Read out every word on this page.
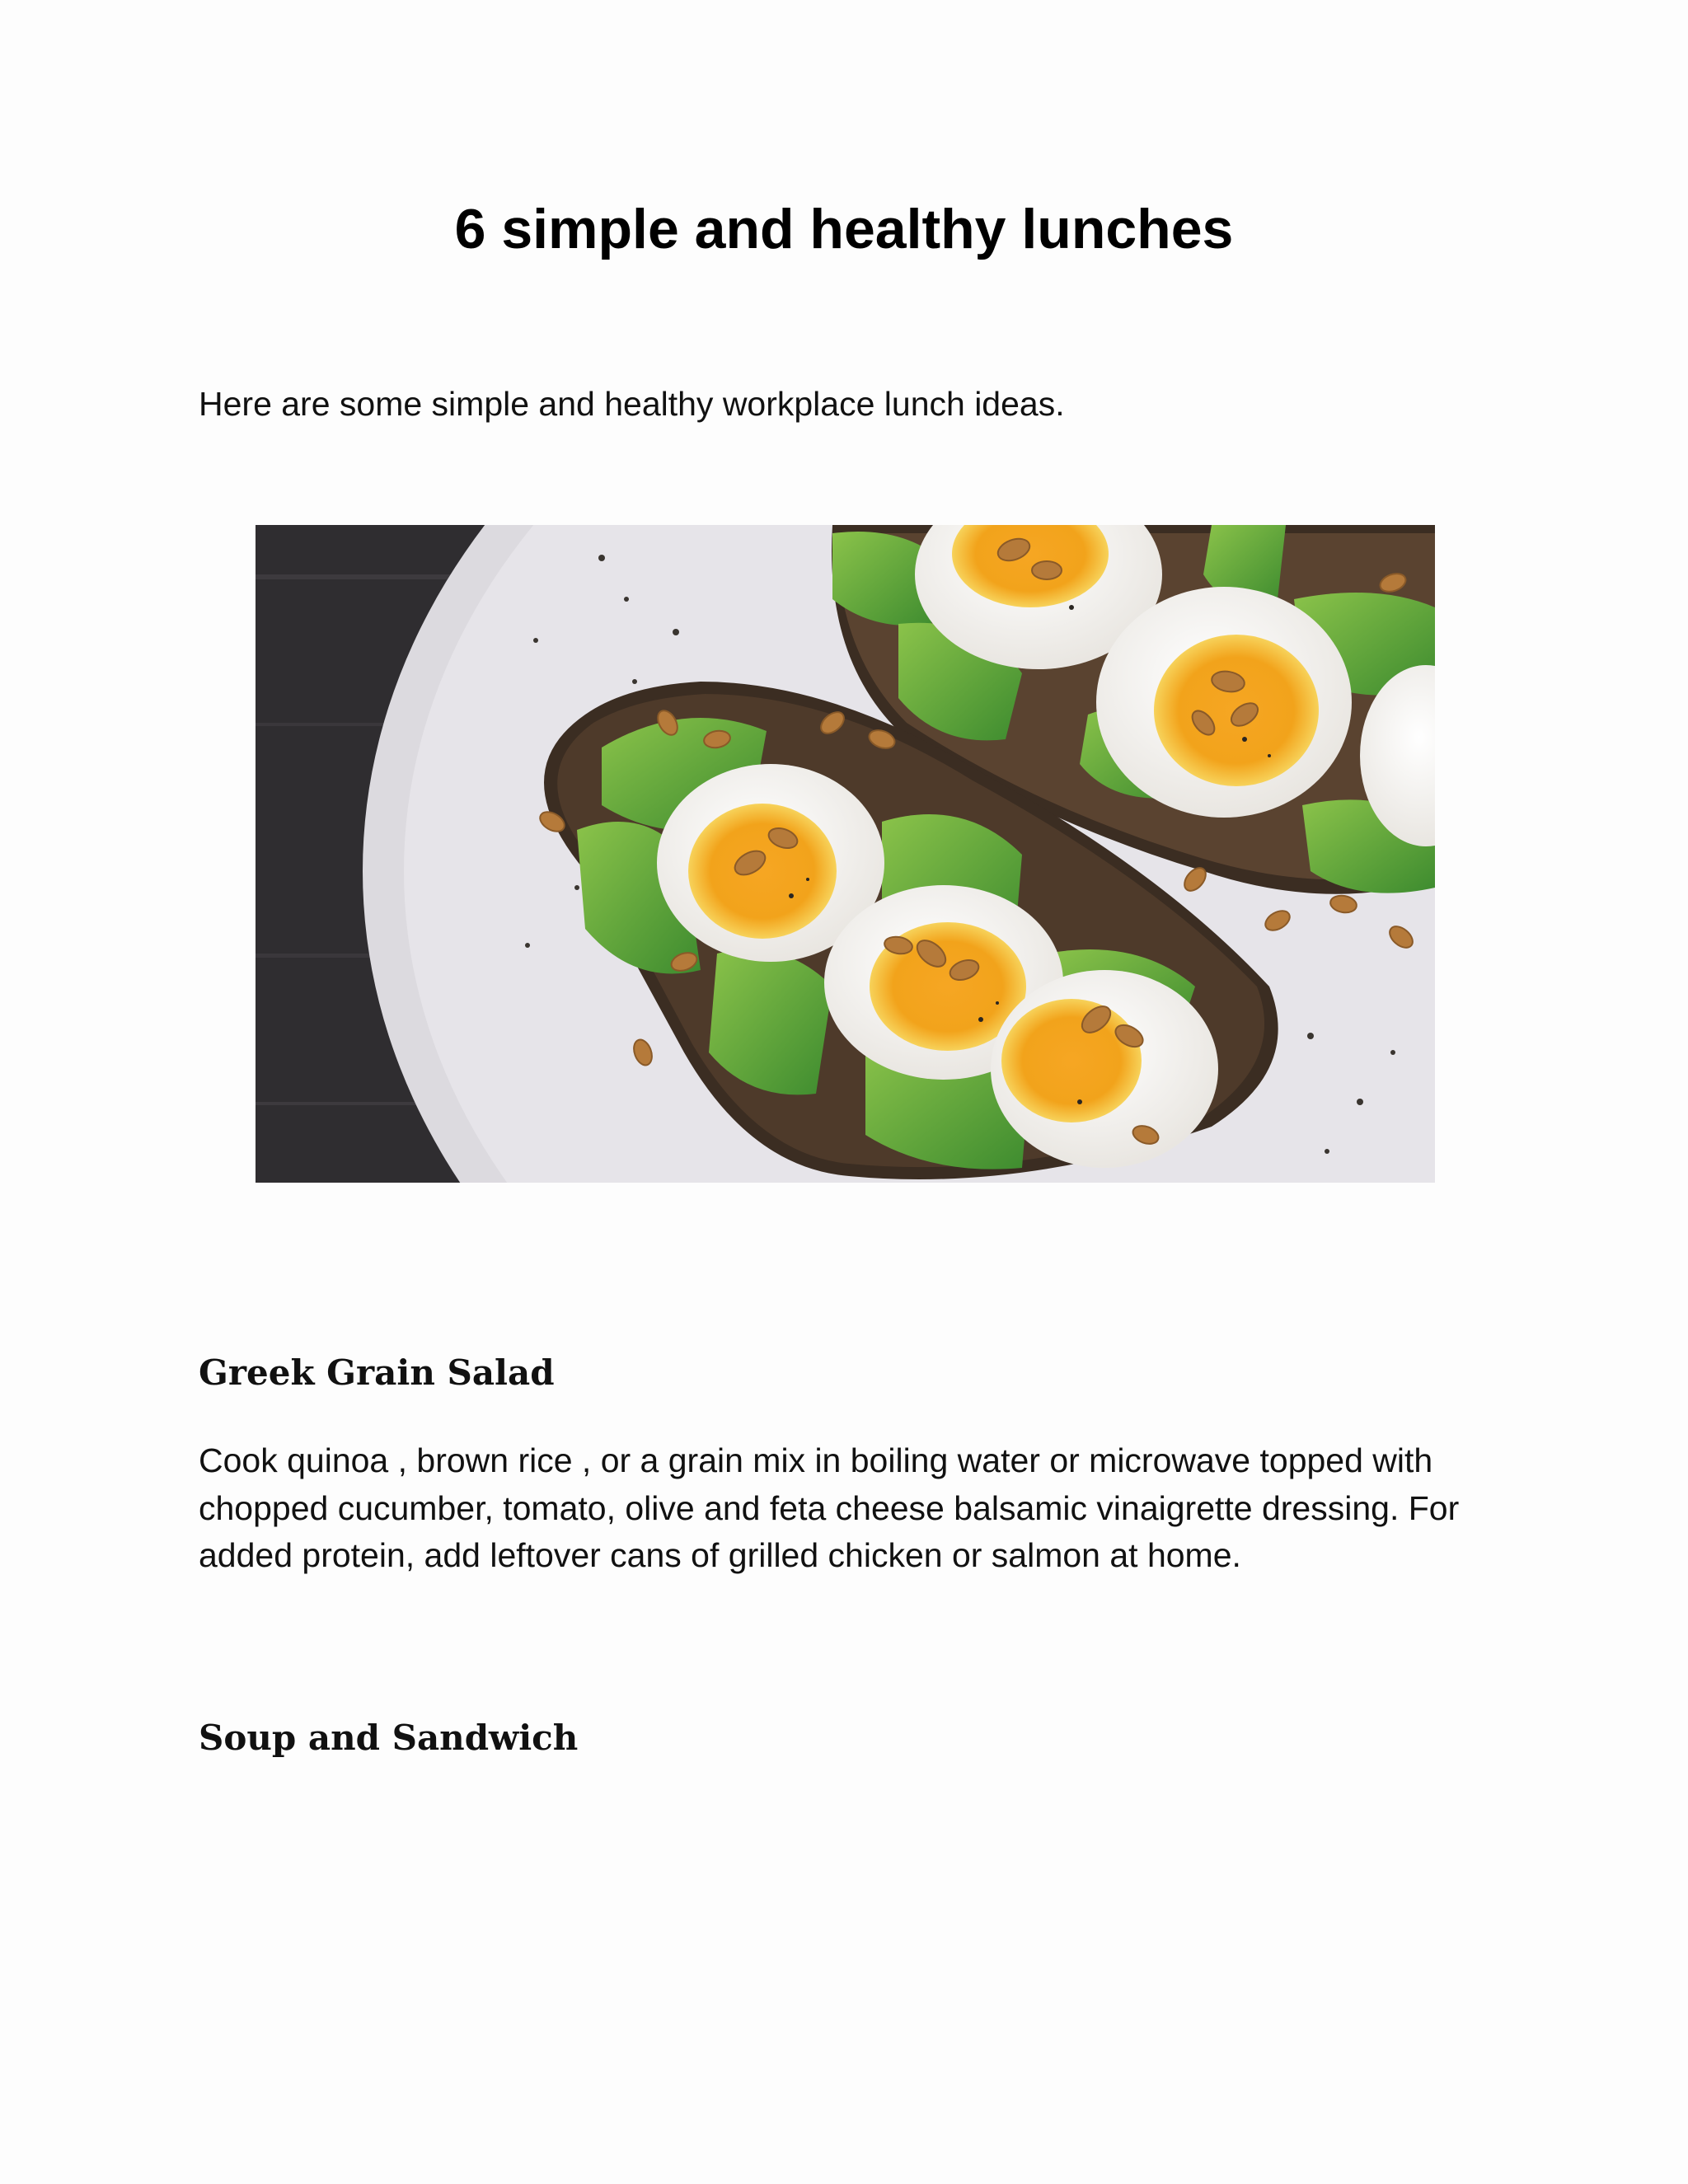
6 simple and healthy lunches

Here are some simple and healthy workplace lunch ideas.

Greek Grain Salad

Cook quinoa , brown rice , or a grain mix in boiling water or microwave topped with chopped cucumber, tomato, olive and feta cheese balsamic vinaigrette dressing. For added protein, add leftover cans of grilled chicken or salmon at home.

Soup and Sandwich
